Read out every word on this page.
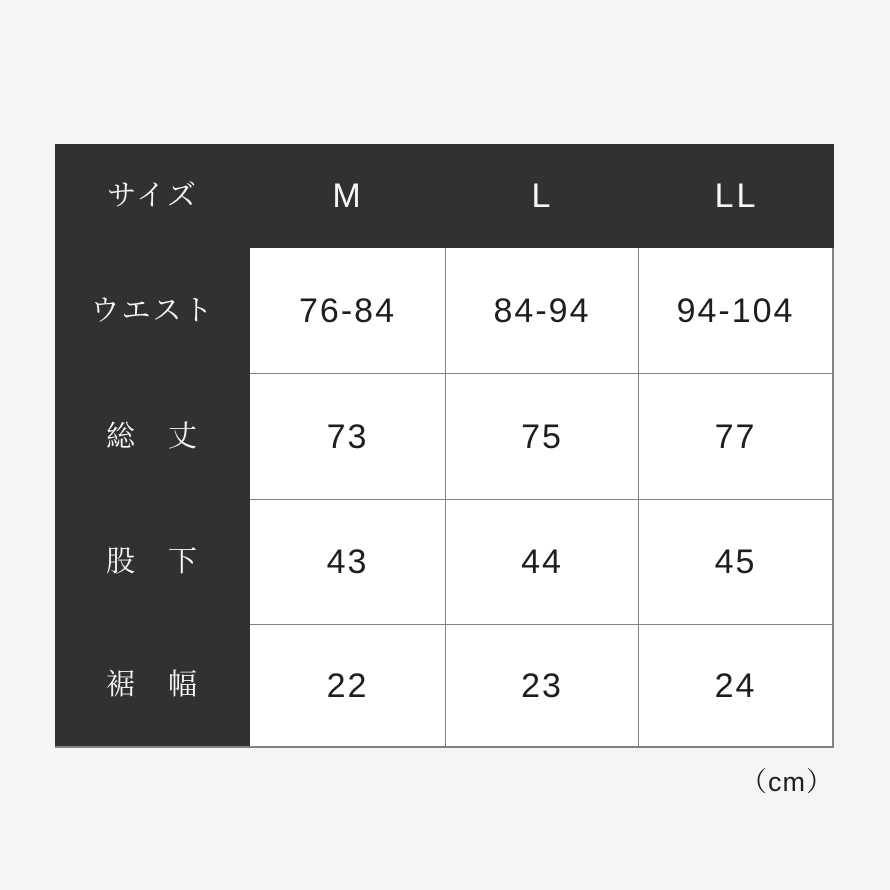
サイズ	M	L	LL
ウエスト	76-84	84-94	94-104
総　丈	73	75	77
股　下	43	44	45
裾　幅	22	23	24
（cm）
